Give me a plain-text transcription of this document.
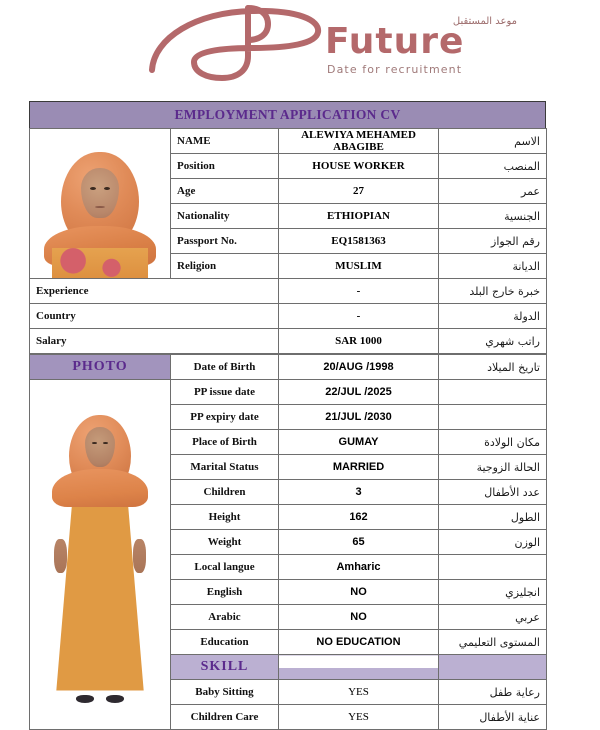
موعد المستقبل
Future
Date for recruitment
EMPLOYMENT APPLICATION CV
	NAME	ALEWIYA MEHAMED ABAGIBE	الاسم
	Position	HOUSE WORKER	المنصب
	Age	27	عمر
	Nationality	ETHIOPIAN	الجنسية
	Passport No.	EQ1581363	رقم الجواز
	Religion	MUSLIM	الديانة
Experience		-	خبرة خارج البلد
Country		-	الدولة
Salary		SAR 1000	راتب شهري
PHOTO	Date of Birth	20/AUG /1998	تاريخ الميلاد

	PP issue date	22/JUL /2025	
	PP expiry date	21/JUL /2030	
	Place of Birth	GUMAY	مكان الولادة
	Marital Status	MARRIED	الحالة الزوجية
	Children	3	عدد الأطفال
	Height	162	الطول
	Weight	65	الوزن
	Local langue	Amharic	
	English	NO	انجليزي
	Arabic	NO	عربي
	Education	NO EDUCATION	المستوى التعليمي
	SKILL		
	Baby Sitting	YES	رعاية طفل
	Children Care	YES	عناية الأطفال
